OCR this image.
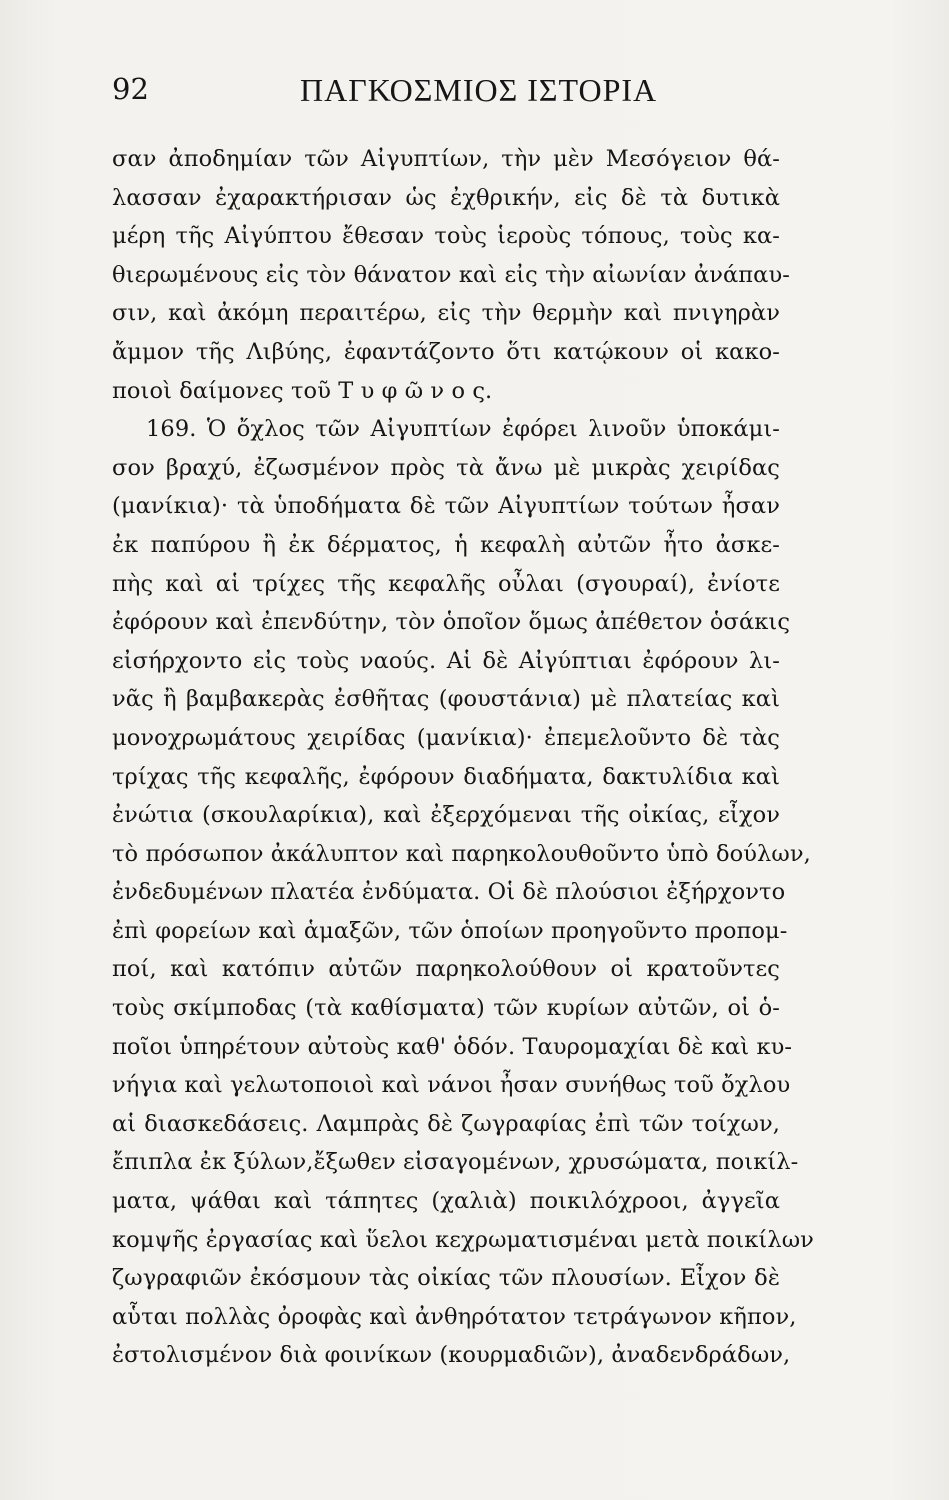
92	ΠΑΓΚΟΣΜΙΟΣ ΙΣΤΟΡΙΑ
σαν ἀποδημίαν τῶν Αἰγυπτίων, τὴν μὲν Μεσόγειον θά-
λασσαν ἐχαρακτήρισαν ὡς ἐχθρικήν, εἰς δὲ τὰ δυτικὰ
μέρη τῆς Αἰγύπτου ἔθεσαν τοὺς ἱεροὺς τόπους, τοὺς κα-
θιερωμένους εἰς τὸν θάνατον καὶ εἰς τὴν αἰωνίαν ἀνάπαυ-
σιν, καὶ ἀκόμη περαιτέρω, εἰς τὴν θερμὴν καὶ πνιγηρὰν
ἄμμον τῆς Λιβύης, ἐφαντάζοντο ὅτι κατῴκουν οἱ κακο-
ποιοὶ δαίμονες τοῦ Τ υ φ ῶ ν ο ς.
169. Ὁ ὄχλος τῶν Αἰγυπτίων ἐφόρει λινοῦν ὑποκάμι-
σον βραχύ, ἐζωσμένον πρὸς τὰ ἄνω μὲ μικρὰς χειρίδας
(μανίκια)· τὰ ὑποδήματα δὲ τῶν Αἰγυπτίων τούτων ἦσαν
ἐκ παπύρου ἢ ἐκ δέρματος, ἡ κεφαλὴ αὐτῶν ἦτο ἀσκε-
πὴς καὶ αἱ τρίχες τῆς κεφαλῆς οὖλαι (σγουραί), ἐνίοτε
ἐφόρουν καὶ ἐπενδύτην, τὸν ὁποῖον ὅμως ἀπέθετον ὁσάκις
εἰσήρχοντο εἰς τοὺς ναούς. Αἱ δὲ Αἰγύπτιαι ἐφόρουν λι-
νᾶς ἢ βαμβακερὰς ἐσθῆτας (φουστάνια) μὲ πλατείας καὶ
μονοχρωμάτους χειρίδας (μανίκια)· ἐπεμελοῦντο δὲ τὰς
τρίχας τῆς κεφαλῆς, ἐφόρουν διαδήματα, δακτυλίδια καὶ
ἐνώτια (σκουλαρίκια), καὶ ἐξερχόμεναι τῆς οἰκίας, εἶχον
τὸ πρόσωπον ἀκάλυπτον καὶ παρηκολουθοῦντο ὑπὸ δούλων,
ἐνδεδυμένων πλατέα ἐνδύματα. Οἱ δὲ πλούσιοι ἐξήρχοντο
ἐπὶ φορείων καὶ ἁμαξῶν, τῶν ὁποίων προηγοῦντο προπομ-
ποί, καὶ κατόπιν αὐτῶν παρηκολούθουν οἱ κρατοῦντες
τοὺς σκίμποδας (τὰ καθίσματα) τῶν κυρίων αὐτῶν, οἱ ὁ-
ποῖοι ὑπηρέτουν αὐτοὺς καθ' ὁδόν. Ταυρομαχίαι δὲ καὶ κυ-
νήγια καὶ γελωτοποιοὶ καὶ νάνοι ἦσαν συνήθως τοῦ ὄχλου
αἱ διασκεδάσεις. Λαμπρὰς δὲ ζωγραφίας ἐπὶ τῶν τοίχων,
ἔπιπλα ἐκ ξύλων,ἔξωθεν εἰσαγομένων, χρυσώματα, ποικίλ-
ματα, ψάθαι καὶ τάπητες (χαλιὰ) ποικιλόχροοι, ἀγγεῖα
κομψῆς ἐργασίας καὶ ὕελοι κεχρωματισμέναι μετὰ ποικίλων
ζωγραφιῶν ἐκόσμουν τὰς οἰκίας τῶν πλουσίων. Εἶχον δὲ
αὗται πολλὰς ὀροφὰς καὶ ἀνθηρότατον τετράγωνον κῆπον,
ἐστολισμένον διὰ φοινίκων (κουρμαδιῶν), ἀναδενδράδων,
